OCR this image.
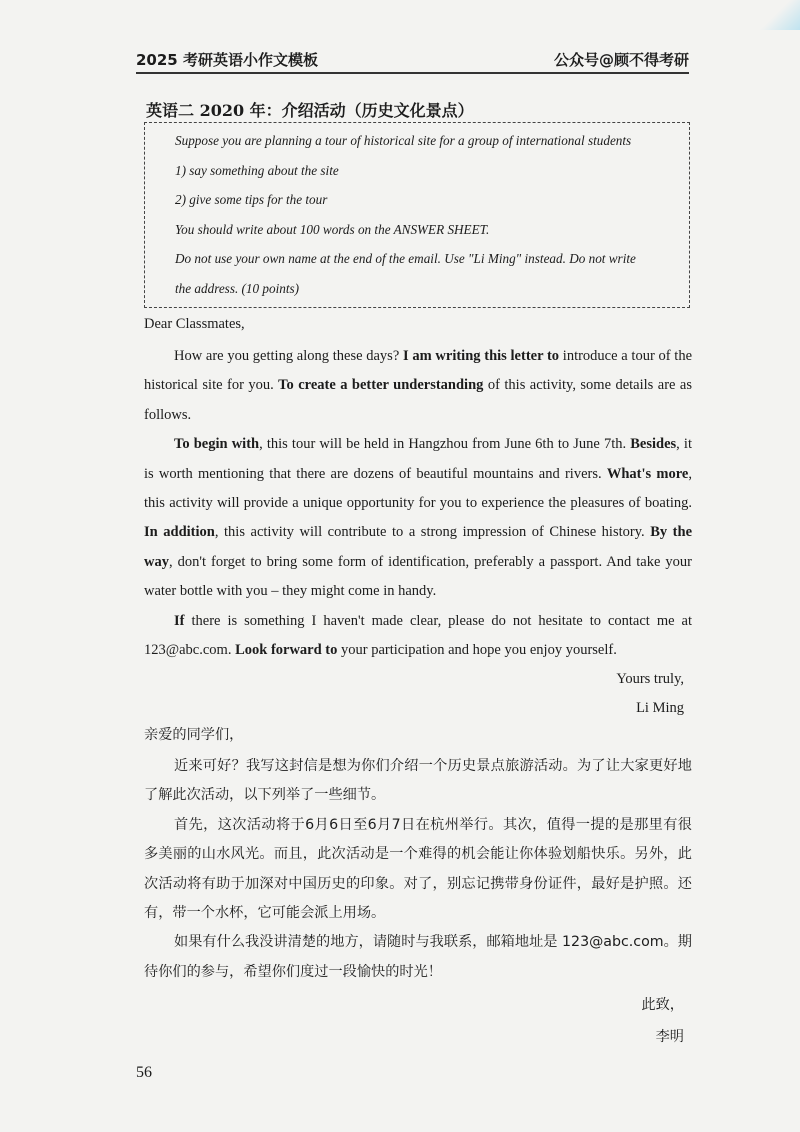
2025 考研英语小作文模板	公众号@顾不得考研
英语二 2020 年：介绍活动（历史文化景点）
Suppose you are planning a tour of historical site for a group of international students
1) say something about the site
2) give some tips for the tour
You should write about 100 words on the ANSWER SHEET.
Do not use your own name at the end of the email. Use "Li Ming" instead. Do not write
the address. (10 points)
Dear Classmates,

How are you getting along these days? I am writing this letter to introduce a tour of the historical site for you. To create a better understanding of this activity, some details are as follows.

To begin with, this tour will be held in Hangzhou from June 6th to June 7th. Besides, it is worth mentioning that there are dozens of beautiful mountains and rivers. What's more, this activity will provide a unique opportunity for you to experience the pleasures of boating. In addition, this activity will contribute to a strong impression of Chinese history. By the way, don't forget to bring some form of identification, preferably a passport. And take your water bottle with you – they might come in handy.

If there is something I haven't made clear, please do not hesitate to contact me at 123@abc.com. Look forward to your participation and hope you enjoy yourself.

Yours truly,
Li Ming
亲爱的同学们，

近来可好？我写这封信是想为你们介绍一个历史景点旅游活动。为了让大家更好地了解此次活动，以下列举了一些细节。

首先，这次活动将于6月6日至6月7日在杭州举行。其次，值得一提的是那里有很多美丽的山水风光。而且，此次活动是一个难得的机会能让你体验划船快乐。另外，此次活动将有助于加深对中国历史的印象。对了，别忘记携带身份证件，最好是护照。还有，带一个水杯，它可能会派上用场。

如果有什么我没讲清楚的地方，请随时与我联系，邮箱地址是 123@abc.com。期待你们的参与，希望你们度过一段愉快的时光！

此致，
李明
56
